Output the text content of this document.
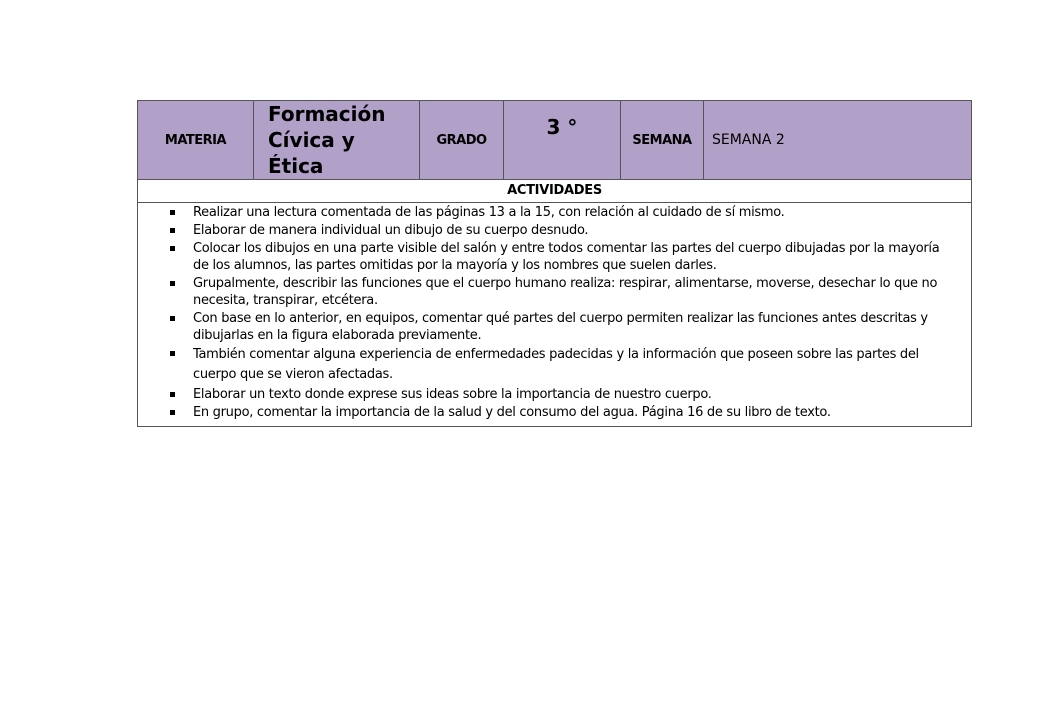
MATERIA
Formación
Cívica y
Ética
GRADO
3 °
SEMANA	SEMANA 2
ACTIVIDADES
Realizar una lectura comentada de las páginas 13 a la 15, con relación al cuidado de sí mismo.
Elaborar de manera individual un dibujo de su cuerpo desnudo.
Colocar los dibujos en una parte visible del salón y entre todos comentar las partes del cuerpo dibujadas por la mayoría de los alumnos, las partes omitidas por la mayoría y los nombres que suelen darles.
Grupalmente, describir las funciones que el cuerpo humano realiza: respirar, alimentarse, moverse, desechar lo que no necesita, transpirar, etcétera.
Con base en lo anterior, en equipos, comentar qué partes del cuerpo permiten realizar las funciones antes descritas y dibujarlas en la figura elaborada previamente.
También comentar alguna experiencia de enfermedades padecidas y la información que poseen sobre las partes del cuerpo que se vieron afectadas.
Elaborar un texto donde exprese sus ideas sobre la importancia de nuestro cuerpo.
En grupo, comentar la importancia de la salud y del consumo del agua. Página 16 de su libro de texto.
